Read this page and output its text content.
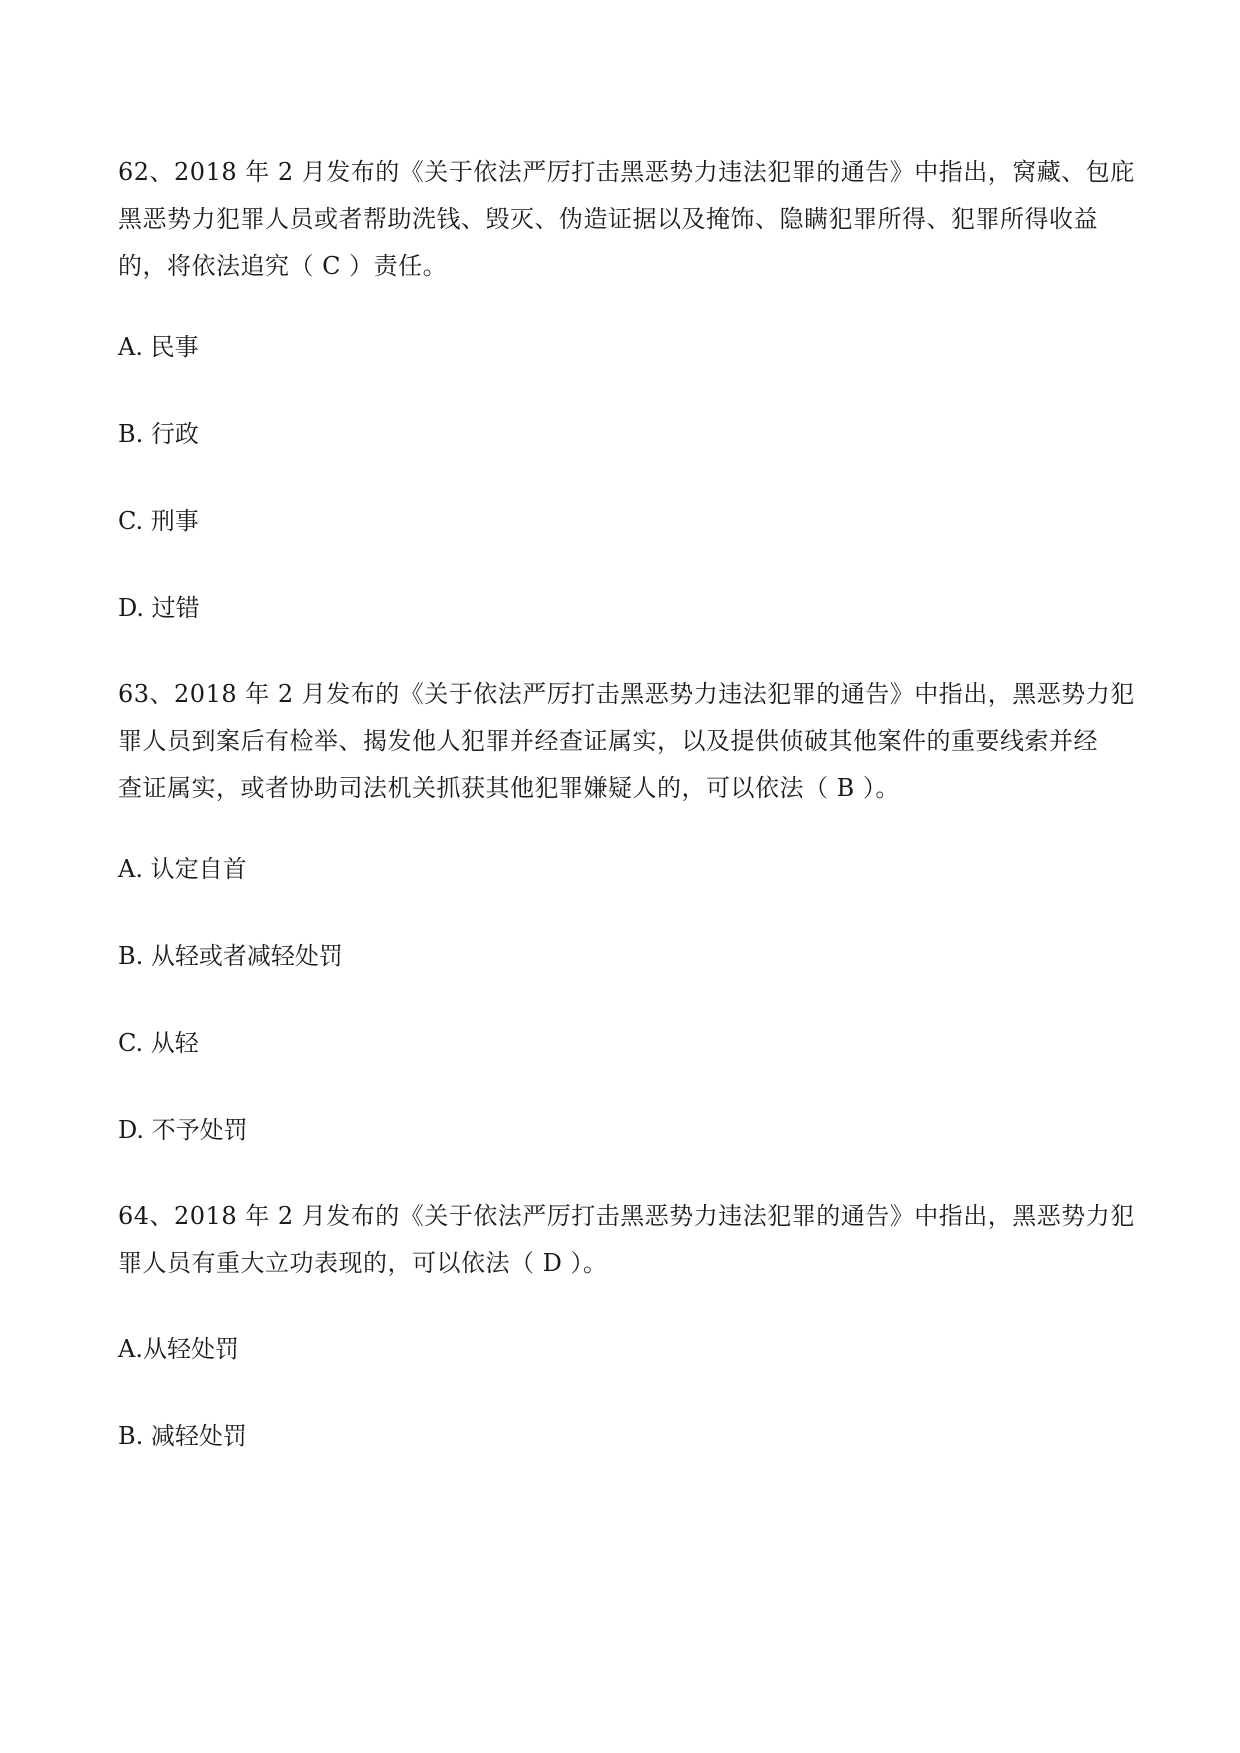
62、2018 年 2 月发布的《关于依法严厉打击黑恶势力违法犯罪的通告》中指出，窝藏、包庇
黑恶势力犯罪人员或者帮助洗钱、毁灭、伪造证据以及掩饰、隐瞒犯罪所得、犯罪所得收益
的，将依法追究（ C ）责任。
A. 民事
B. 行政
C. 刑事
D. 过错
63、2018 年 2 月发布的《关于依法严厉打击黑恶势力违法犯罪的通告》中指出，黑恶势力犯
罪人员到案后有检举、揭发他人犯罪并经查证属实，以及提供侦破其他案件的重要线索并经
查证属实，或者协助司法机关抓获其他犯罪嫌疑人的，可以依法（ B ）。
A. 认定自首
B. 从轻或者减轻处罚
C. 从轻
D. 不予处罚
64、2018 年 2 月发布的《关于依法严厉打击黑恶势力违法犯罪的通告》中指出，黑恶势力犯
罪人员有重大立功表现的，可以依法（ D ）。
A.从轻处罚
B. 减轻处罚
